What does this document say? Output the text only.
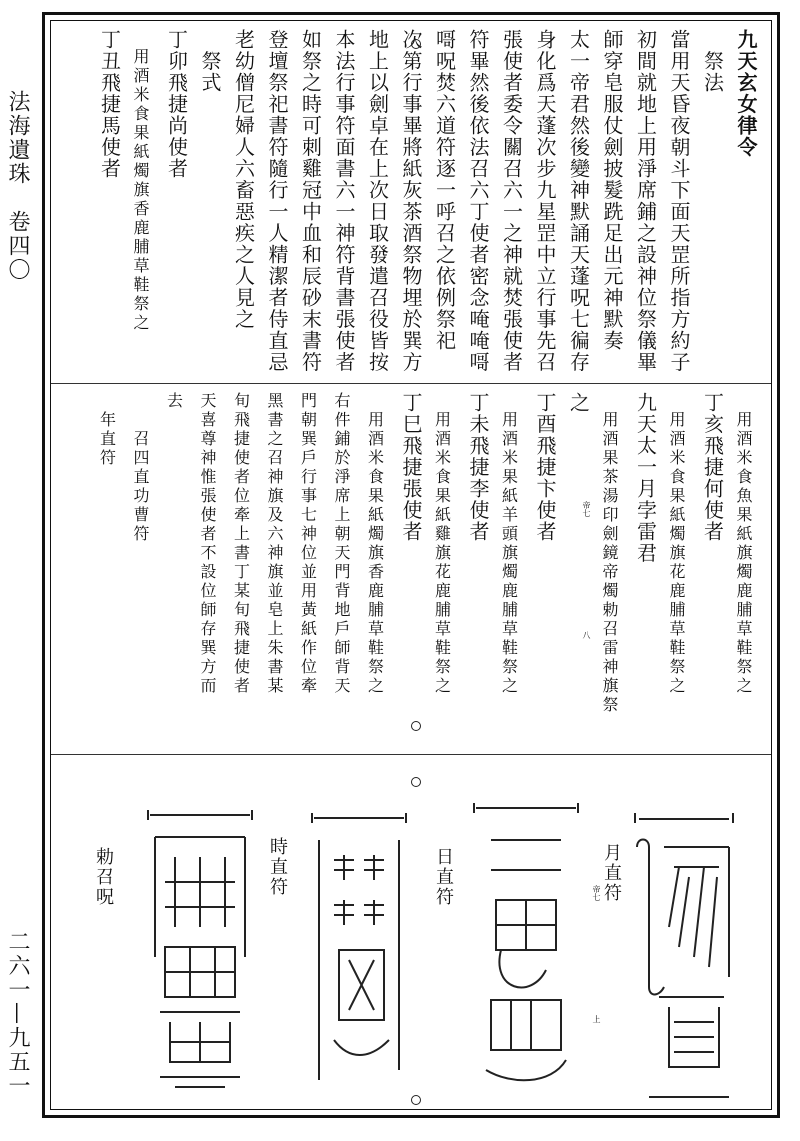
法海遺珠　卷四〇
二六一—九五一
九天玄女律令
　祭法
當用天昏夜朝斗下面天罡所指方約子
初間就地上用淨席鋪之設神位祭儀畢
師穿皂服仗劍披髮跣足出元神默奏
太一帝君然後變神默誦天蓬呪七徧存
身化爲天蓬次步九星罡中立行事先召
張使者委令關召六一之神就焚張使者
符畢然後依法召六丁使者密念唵唵𠹭
𠹭呪焚六道符逐一呼召之依例祭祀
次第行事畢將紙灰茶酒祭物埋於巽方
地上以劍卓在上次日取發遣召役皆按
本法行事符面書六一神符背書張使者
如祭之時可刺雞冠中血和辰砂末書符
登壇祭祀書符隨行一人精潔者侍直忌
老幼僧尼婦人六畜惡疾之人見之
　祭式
丁卯飛捷尚使者
　用酒米食果紙燭旗香鹿脯草鞋祭之
丁丑飛捷馬使者
　用酒米食魚果紙旗燭鹿脯草鞋祭之
丁亥飛捷何使者
　用酒米食果紙燭旗花鹿脯草鞋祭之
九天太一月孛雷君
　用酒果茶湯印劍鏡帝燭勅召雷神旗祭
之
丁酉飛捷卞使者
　用酒米果紙羊頭旗燭鹿脯草鞋祭之
丁未飛捷李使者
　用酒米食果紙雞旗花鹿脯草鞋祭之
丁巳飛捷張使者
　用酒米食果紙燭旗香鹿脯草鞋祭之
右件鋪於淨席上朝天門背地戶師背天
門朝巽戶行事七神位並用黃紙作位牽
黑書之召神旗及六神旗並皂上朱書某
旬飛捷使者位牽上書丁某旬飛捷使者
天喜尊神惟張使者不設位師存巽方而
去
　　召四直功曹符
　年直符
月直符
帝七
上
日直符
時直符
勅召呪
帝七
八
